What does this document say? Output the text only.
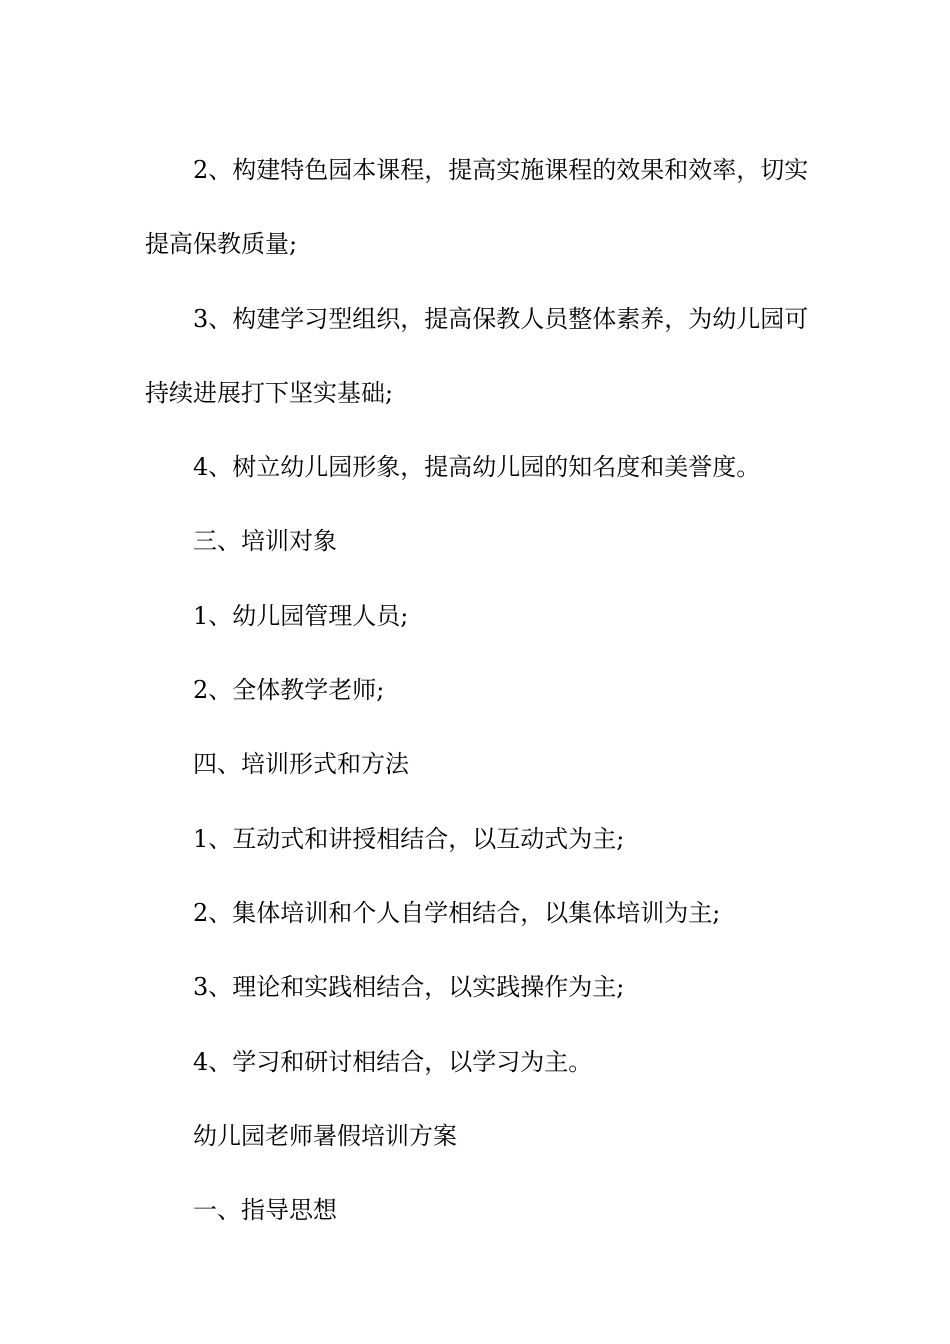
2、构建特色园本课程，提高实施课程的效果和效率，切实

提高保教质量;

3、构建学习型组织，提高保教人员整体素养，为幼儿园可

持续进展打下坚实基础;

4、树立幼儿园形象，提高幼儿园的知名度和美誉度。

三、培训对象

1、幼儿园管理人员;

2、全体教学老师;

四、培训形式和方法

1、互动式和讲授相结合，以互动式为主;

2、集体培训和个人自学相结合，以集体培训为主;

3、理论和实践相结合，以实践操作为主;

4、学习和研讨相结合，以学习为主。

幼儿园老师暑假培训方案

一、指导思想
